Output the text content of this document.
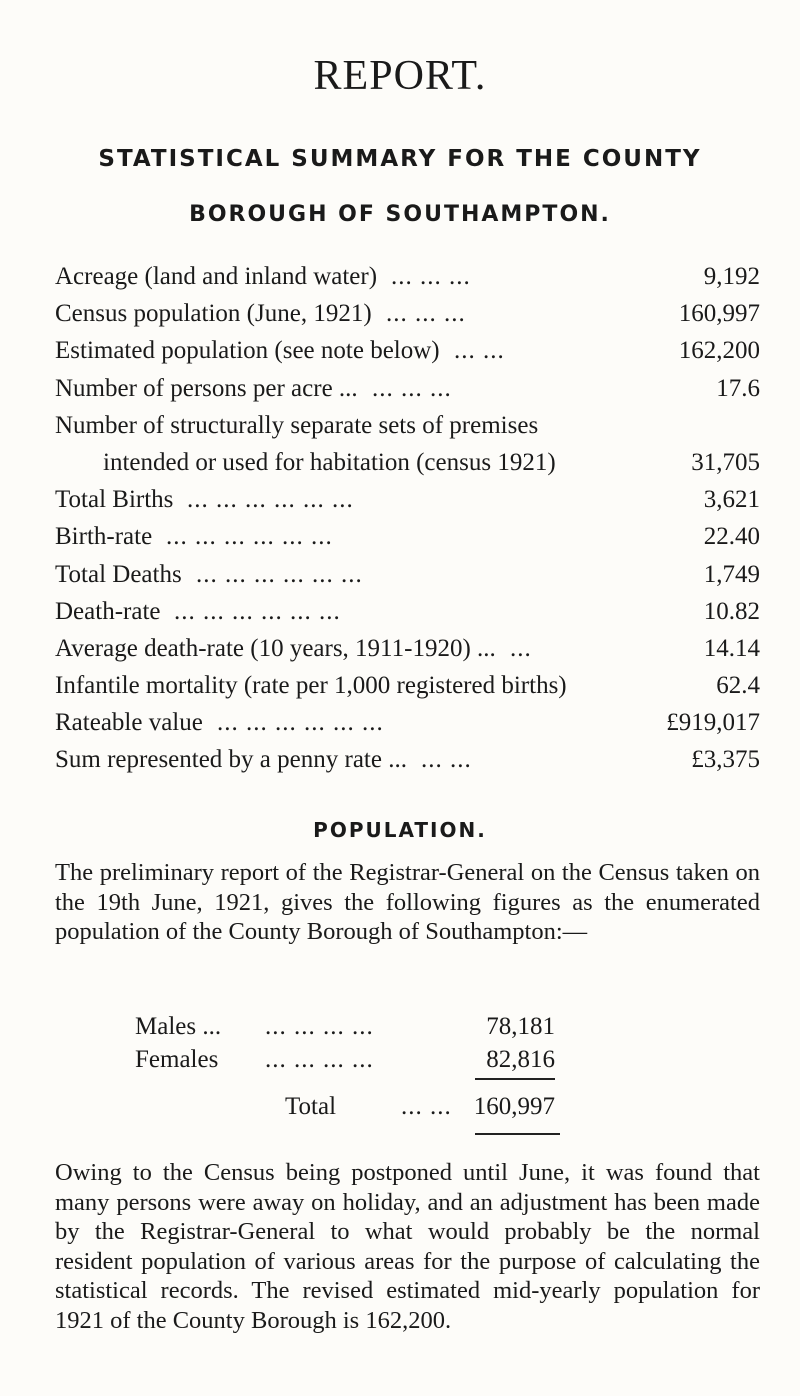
REPORT.
STATISTICAL SUMMARY FOR THE COUNTY
BOROUGH OF SOUTHAMPTON.
Acreage (land and inland water) ... ... ...	9,192
Census population (June, 1921) ... ... ...	160,997
Estimated population (see note below) ... ...	162,200
Number of persons per acre ... ... ... ...	17.6
Number of structurally separate sets of premises
intended or used for habitation (census 1921)	31,705
Total Births ... ... ... ... ... ...	3,621
Birth-rate ... ... ... ... ... ...	22.40
Total Deaths ... ... ... ... ... ...	1,749
Death-rate ... ... ... ... ... ...	10.82
Average death-rate (10 years, 1911-1920) ... ...	14.14
Infantile mortality (rate per 1,000 registered births)	62.4
Rateable value ... ... ... ... ... ...	£919,017
Sum represented by a penny rate ... ... ...	£3,375
POPULATION.
The preliminary report of the Registrar-General on the Census taken on the 19th June, 1921, gives the following figures as the enumerated population of the County Borough of Southampton:—
Males ... ... ... ... ...	78,181
Females ... ... ... ...	82,816
Total	... ... 160,997
Owing to the Census being postponed until June, it was found that many persons were away on holiday, and an adjustment has been made by the Registrar-General to what would probably be the normal resident population of various areas for the purpose of calculating the statistical records. The revised estimated mid-yearly population for 1921 of the County Borough is 162,200.
